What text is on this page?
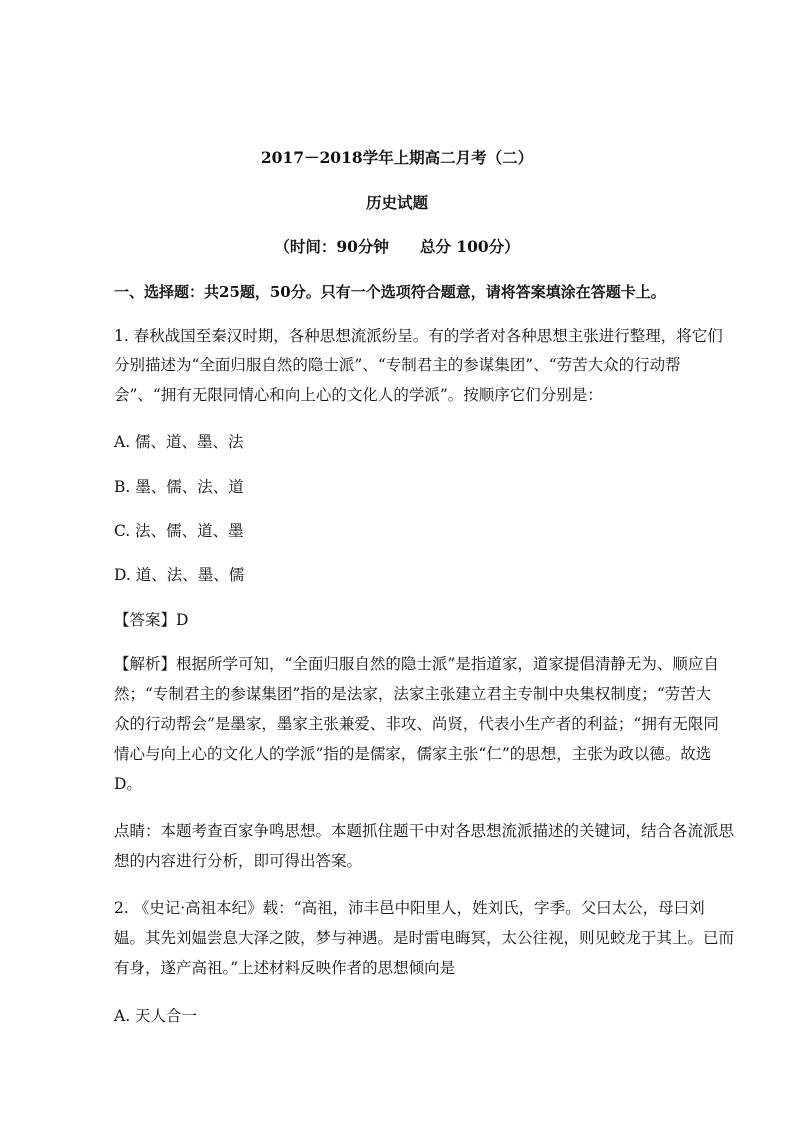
2017－2018学年上期高二月考（二）
历史试题
（时间：90分钟　　总分 100分）
一、选择题：共25题，50分。只有一个选项符合题意，请将答案填涂在答题卡上。
1. 春秋战国至秦汉时期，各种思想流派纷呈。有的学者对各种思想主张进行整理，将它们
分别描述为“全面归服自然的隐士派”、“专制君主的参谋集团”、“劳苦大众的行动帮
会”、“拥有无限同情心和向上心的文化人的学派”。按顺序它们分别是：
A. 儒、道、墨、法
B. 墨、儒、法、道
C. 法、儒、道、墨
D. 道、法、墨、儒
【答案】D
【解析】根据所学可知，“全面归服自然的隐士派”是指道家，道家提倡清静无为、顺应自
然；“专制君主的参谋集团”指的是法家，法家主张建立君主专制中央集权制度；“劳苦大
众的行动帮会”是墨家，墨家主张兼爱、非攻、尚贤，代表小生产者的利益；“拥有无限同
情心与向上心的文化人的学派”指的是儒家，儒家主张“仁”的思想，主张为政以德。故选
D。
点睛：本题考查百家争鸣思想。本题抓住题干中对各思想流派描述的关键词，结合各流派思
想的内容进行分析，即可得出答案。
2. 《史记·高祖本纪》载：“高祖，沛丰邑中阳里人，姓刘氏，字季。父曰太公，母曰刘
媪。其先刘媪尝息大泽之陂，梦与神遇。是时雷电晦冥，太公往视，则见蛟龙于其上。已而
有身，遂产高祖。”上述材料反映作者的思想倾向是
A. 天人合一
